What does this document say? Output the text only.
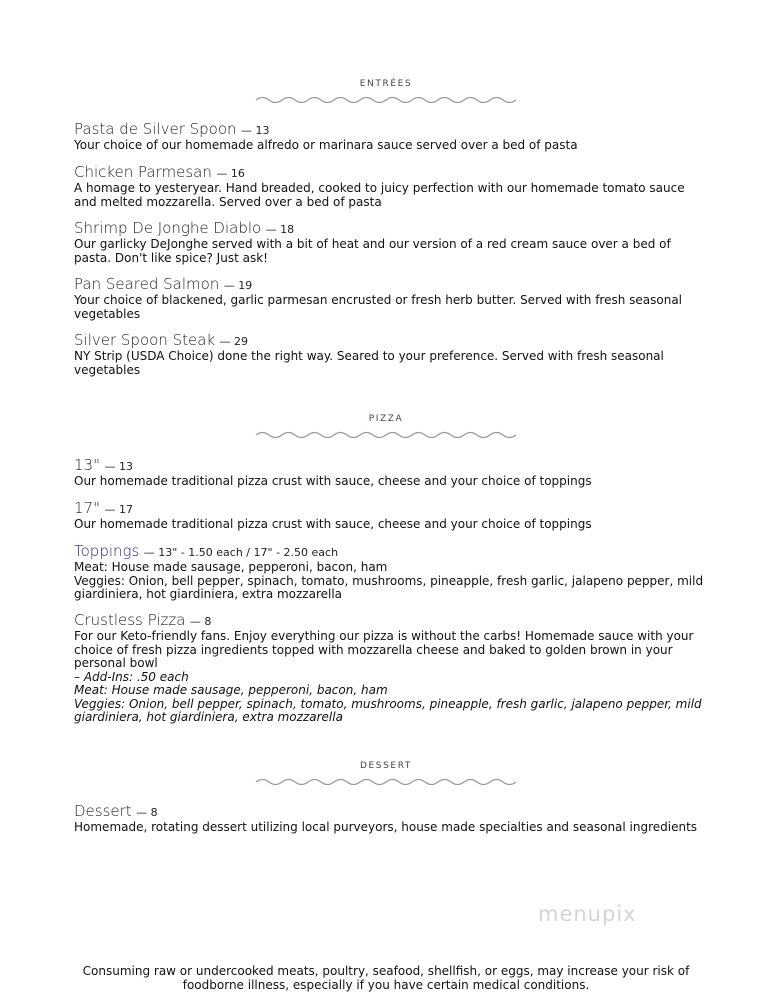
ENTRÉES
Pasta de Silver Spoon — 13
Your choice of our homemade alfredo or marinara sauce served over a bed of pasta
Chicken Parmesan — 16
A homage to yesteryear. Hand breaded, cooked to juicy perfection with our homemade tomato sauce
and melted mozzarella. Served over a bed of pasta
Shrimp De Jonghe Diablo — 18
Our garlicky DeJonghe served with a bit of heat and our version of a red cream sauce over a bed of
pasta. Don't like spice? Just ask!
Pan Seared Salmon — 19
Your choice of blackened, garlic parmesan encrusted or fresh herb butter. Served with fresh seasonal
vegetables
Silver Spoon Steak — 29
NY Strip (USDA Choice) done the right way. Seared to your preference. Served with fresh seasonal
vegetables
PIZZA
13" — 13
Our homemade traditional pizza crust with sauce, cheese and your choice of toppings
17" — 17
Our homemade traditional pizza crust with sauce, cheese and your choice of toppings
Toppings — 13" - 1.50 each / 17" - 2.50 each
Meat: House made sausage, pepperoni, bacon, ham
Veggies: Onion, bell pepper, spinach, tomato, mushrooms, pineapple, fresh garlic, jalapeno pepper, mild
giardiniera, hot giardiniera, extra mozzarella
Crustless Pizza — 8
For our Keto-friendly fans. Enjoy everything our pizza is without the carbs! Homemade sauce with your
choice of fresh pizza ingredients topped with mozzarella cheese and baked to golden brown in your
personal bowl
– Add-Ins: .50 each
Meat: House made sausage, pepperoni, bacon, ham
Veggies: Onion, bell pepper, spinach, tomato, mushrooms, pineapple, fresh garlic, jalapeno pepper, mild
giardiniera, hot giardiniera, extra mozzarella
DESSERT
Dessert — 8
Homemade, rotating dessert utilizing local purveyors, house made specialties and seasonal ingredients
menupix
Consuming raw or undercooked meats, poultry, seafood, shellfish, or eggs, may increase your risk of
foodborne illness, especially if you have certain medical conditions.
